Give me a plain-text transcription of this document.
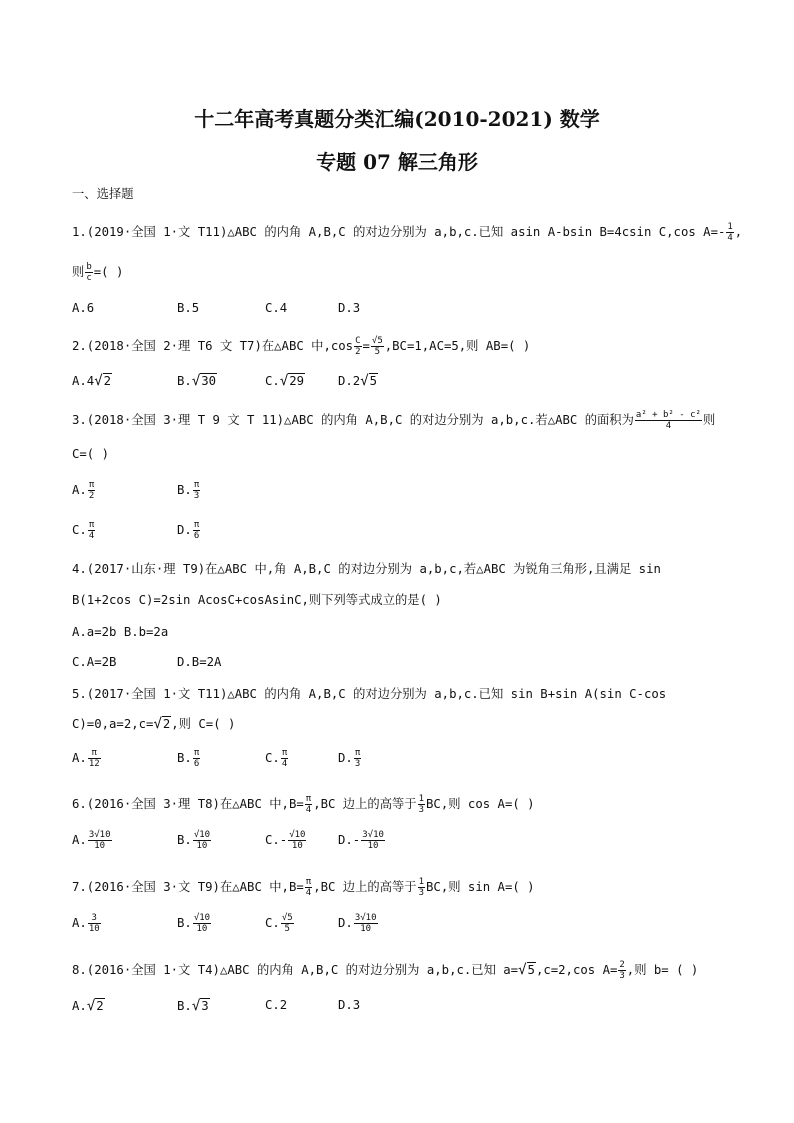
十二年高考真题分类汇编(2010-2021) 数学
专题 07 解三角形
一、选择题
1.(2019·全国 1·文 T11)△ABC 的内角 A,B,C 的对边分别为 a,b,c.已知 asin A-bsin B=4csin C,cos $A=- \frac{1}{4}$ ,
则 $\frac{b}{c}$ =( )
A.6	B.5	C.4	D.3
2.(2018·全国 2·理 T6 文 T7)在△ABC 中$,\cos \frac{C}{2} = \frac{√5}{5} ,BC=1,AC=5$,则 AB=( )
A.4√2	B.√30	C.√29	D.2√5
3.(2018·全国 3·理 T 9 文 T 11)△ABC 的内角 A,B,C 的对边分别为 a,b,c.若△ABC 的面积为 $\frac{\text{a² + b² - c²}}{4}$ 则
C=( )
A. $\frac{\pi}{2}$	B. $\frac{\pi}{3}$
C. $\frac{\pi}{4}$	D. $\frac{\pi}{6}$
4.(2017·山东·理 T9)在△ABC 中,角 A,B,C 的对边分别为 a,b,c,若△ABC 为锐角三角形,且满足 sin
B(1+2cos C)=2sin AcosC+cosAsinC,则下列等式成立的是( )
A.a=2b B.b=2a
C.A=2B	D.B=2A
5.(2017·全国 1·文 T11)△ABC 的内角 A,B,C 的对边分别为 a,b,c.已知 sin B+sin A(sin C-cos
C)=0,a=2,c=√2,则 C=( )
A. $\frac{\pi}{12}$	B. $\frac{\pi}{6}$	C. $\frac{\pi}{4}$	D. $\frac{\pi}{3}$
6.(2016·全国 3·理 T8)在△ABC 中$,B= \frac{\pi}{4} ,BC$ 边上的高等于 $\frac{1}{3}$ BC,则 cos A=( )
A. $\frac{3√10}{10}$	B. $\frac{√10}{10}$	$C.- \frac{√10}{10}$	$D.- \frac{3√10}{10}$
7.(2016·全国 3·文 T9)在△ABC 中$,B= \frac{\pi}{4} ,BC$ 边上的高等于 $\frac{1}{3}$ BC,则 sin A=( )
A. $\frac{3}{10}$	B. $\frac{√10}{10}$	C. $\frac{√5}{5}$	D. $\frac{3√10}{10}$
8.(2016·全国 1·文 T4)△ABC 的内角 A,B,C 的对边分别为 a,b,c.已知 a=√5,c=2,cos $A= \frac{2}{3}$ ,则 b= ( )
A.√2	B.√3	C.2	D.3
